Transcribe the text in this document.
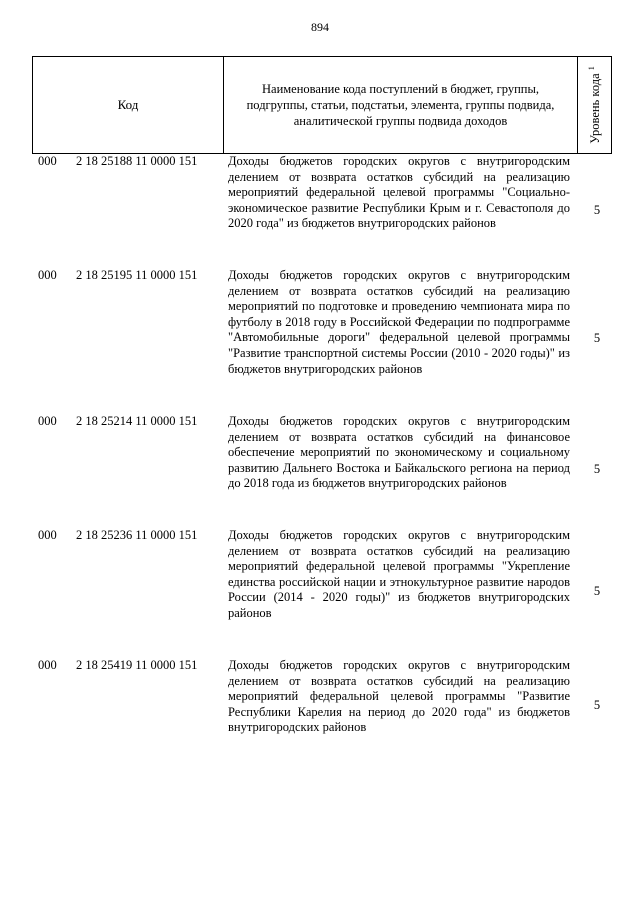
894
Код
Наименование кода поступлений в бюджет, группы, подгруппы, статьи, подстатьи, элемента, группы подвида, аналитической группы подвида доходов	Уровень кода $^1$
000 2 18 25188 11 0000 151 Доходы бюджетов городских округов с внутригородским делением от возврата остатков субсидий на реализацию мероприятий федеральной целевой программы "Социально-экономическое развитие Республики Крым и г. Севастополя до 2020 года" из бюджетов внутригородских районов
5
000 2 18 25195 11 0000 151 Доходы бюджетов городских округов с внутригородским делением от возврата остатков субсидий на реализацию мероприятий по подготовке и проведению чемпионата мира по футболу в 2018 году в Российской Федерации по подпрограмме "Автомобильные дороги" федеральной целевой программы "Развитие транспортной системы России (2010 - 2020 годы)" из бюджетов внутригородских районов
5
000 2 18 25214 11 0000 151 Доходы бюджетов городских округов с внутригородским делением от возврата остатков субсидий на финансовое обеспечение мероприятий по экономическому и социальному развитию Дальнего Востока и Байкальского региона на период до 2018 года из бюджетов внутригородских районов
5
000 2 18 25236 11 0000 151 Доходы бюджетов городских округов с внутригородским делением от возврата остатков субсидий на реализацию мероприятий федеральной целевой программы "Укрепление единства российской нации и этнокультурное развитие народов России (2014 - 2020 годы)" из бюджетов внутригородских районов
5
000 2 18 25419 11 0000 151 Доходы бюджетов городских округов с внутригородским делением от возврата остатков субсидий на реализацию мероприятий федеральной целевой программы "Развитие Республики Карелия на период до 2020 года" из бюджетов внутригородских районов
5
